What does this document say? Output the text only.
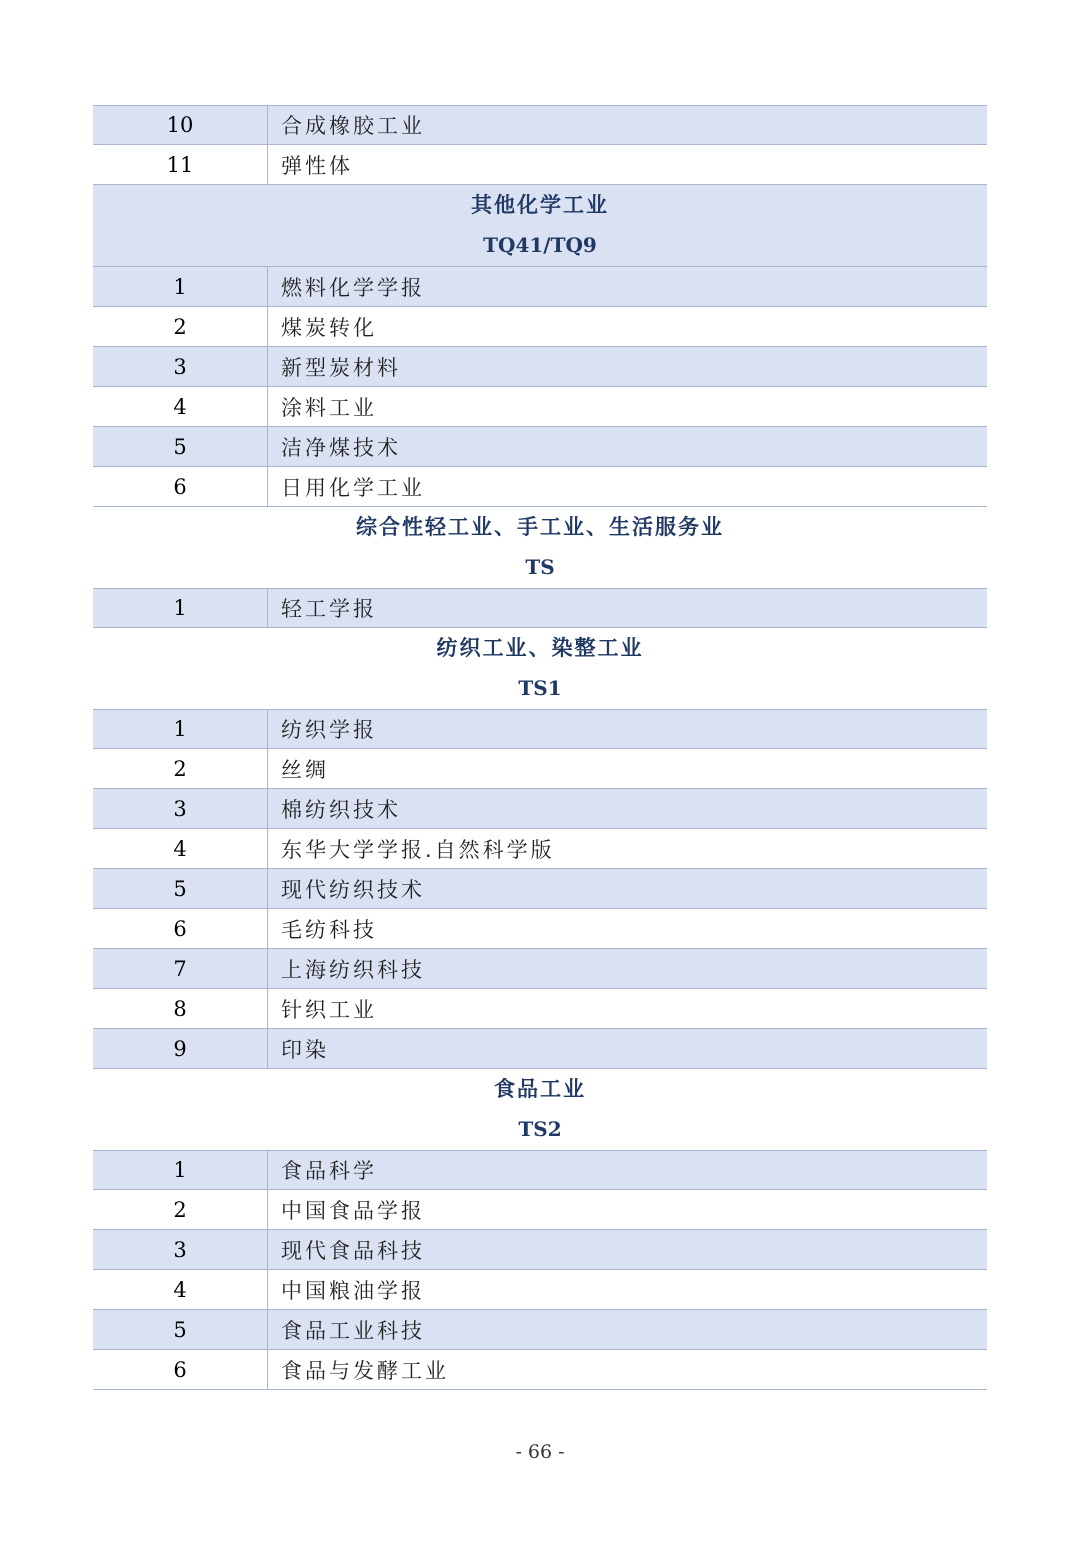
10	合成橡胶工业
11	弹性体
其他化学工业
TQ41/TQ9
1	燃料化学学报
2	煤炭转化
3	新型炭材料
4	涂料工业
5	洁净煤技术
6	日用化学工业
综合性轻工业、手工业、生活服务业
TS
1	轻工学报
纺织工业、染整工业
TS1
1	纺织学报
2	丝绸
3	棉纺织技术
4	东华大学学报.自然科学版
5	现代纺织技术
6	毛纺科技
7	上海纺织科技
8	针织工业
9	印染
食品工业
TS2
1	食品科学
2	中国食品学报
3	现代食品科技
4	中国粮油学报
5	食品工业科技
6	食品与发酵工业
- 66 -
